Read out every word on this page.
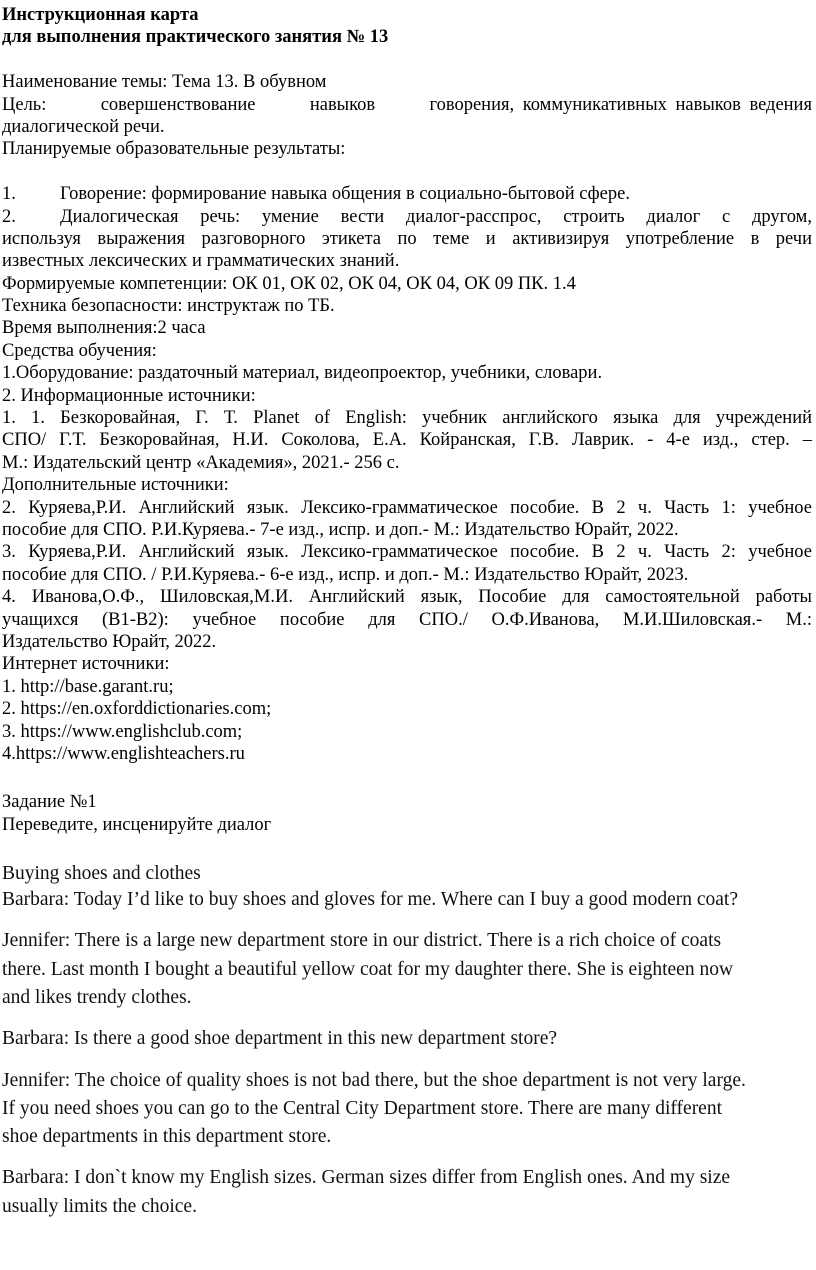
Инструкционная карта
для выполнения практического занятия № 13
Наименование темы: Тема 13. В обувном
Цель:	совершенствование	навыков	говорения, коммуникативных навыков ведения
диалогической речи.
Планируемые образовательные результаты:
1. Говорение: формирование навыка общения в социально-бытовой сфере.
2. Диалогическая речь: умение вести диалог-расспрос, строить диалог с другом,
используя выражения разговорного этикета по теме и активизируя употребление в речи
известных лексических и грамматических знаний.
Формируемые компетенции: ОК 01, ОК 02, ОК 04, ОК 04, ОК 09 ПК. 1.4
Техника безопасности: инструктаж по ТБ.
Время выполнения:2 часа
Средства обучения:
1.Оборудование: раздаточный материал, видеопроектор, учебники, словари.
2. Информационные источники:
1. 1. Безкоровайная, Г. Т. Planet of English: учебник английского языка для учреждений
СПО/ Г.Т. Безкоровайная, Н.И. Соколова, Е.А. Койранская, Г.В. Лаврик. - 4-е изд., стер. –
М.: Издательский центр «Академия», 2021.- 256 с.
Дополнительные источники:
2. Куряева,Р.И. Английский язык. Лексико-грамматическое пособие. В 2 ч. Часть 1: учебное
пособие для СПО. Р.И.Куряева.- 7-е изд., испр. и доп.- М.: Издательство Юрайт, 2022.
3. Куряева,Р.И. Английский язык. Лексико-грамматическое пособие. В 2 ч. Часть 2: учебное
пособие для СПО. / Р.И.Куряева.- 6-е изд., испр. и доп.- М.: Издательство Юрайт, 2023.
4. Иванова,О.Ф., Шиловская,М.И. Английский язык, Пособие для самостоятельной работы
учащихся (В1-В2): учебное пособие для СПО./ О.Ф.Иванова, М.И.Шиловская.- М.:
Издательство Юрайт, 2022.
Интернет источники:
1. http://base.garant.ru;
2. https://en.oxforddictionaries.com;
3. https://www.englishclub.com;
4.https://www.englishteachers.ru
Задание №1
Переведите, инсценируйте диалог
Buying shoes and clothes
Barbara: Today I’d like to buy shoes and gloves for me. Where can I buy a good modern coat?
Jennifer: There is a large new department store in our district. There is a rich choice of coats
there. Last month I bought a beautiful yellow coat for my daughter there. She is eighteen now
and likes trendy clothes.
Barbara: Is there a good shoe department in this new department store?
Jennifer: The choice of quality shoes is not bad there, but the shoe department is not very large.
If you need shoes you can go to the Central City Department store. There are many different
shoe departments in this department store.
Barbara: I don`t know my English sizes. German sizes differ from English ones. And my size
usually limits the choice.
